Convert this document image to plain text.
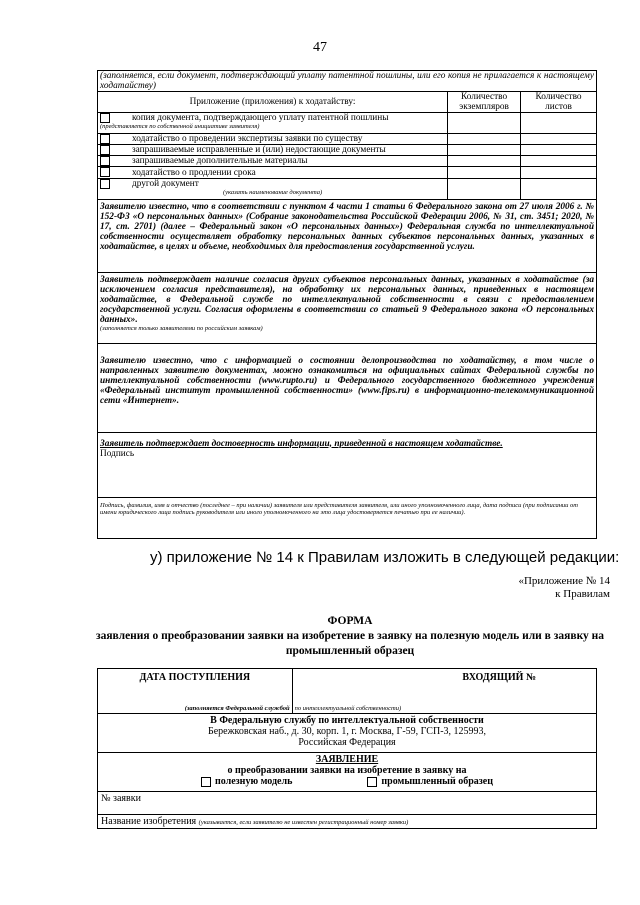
47
(заполняется, если документ, подтверждающий уплату патентной пошлины, или его копия не прилагается к настоящему ходатайству)		
Приложение (приложения) к ходатайству:	Количество экземпляров	Количество листов

копия документа, подтверждающего уплату патентной пошлины
(представляется по собственной инициативе заявителя)		

ходатайство о проведении экспертизы заявки по существу		
запрашиваемые исправленные и (или) недостающие документы		
запрашиваемые дополнительные материалы		
ходатайство о продлении срока		

другой документ
(указать наименование документа)		

Заявителю известно, что в соответствии с пунктом 4 части 1 статьи 6 Федерального закона от 27 июля 2006 г. № 152-ФЗ «О персональных данных» (Собрание законодательства Российской Федерации 2006, № 31, ст. 3451; 2020, № 17, ст. 2701) (далее – Федеральный закон «О персональных данных») Федеральная служба по интеллектуальной собственности осуществляет обработку персональных данных субъектов персональных данных, указанных в ходатайстве, в целях и объеме, необходимых для предоставления государственной услуги.		

Заявитель подтверждает наличие согласия других субъектов персональных данных, указанных в ходатайстве (за исключением согласия представителя), на обработку их персональных данных, приведенных в настоящем ходатайстве, в Федеральной службе по интеллектуальной собственности в связи с предоставлением государственной услуги. Согласия оформлены в соответствии со статьей 9 Федерального закона «О персональных данных».
(заполняется только заявителями по российским заявкам)		

Заявителю известно, что с информацией о состоянии делопроизводства по ходатайству, в том числе о направленных заявителю документах, можно ознакомиться на официальных сайтах Федеральной службы по интеллектуальной собственности (www.rupto.ru) и Федерального государственного бюджетного учреждения «Федеральный институт промышленной собственности» (www.fips.ru) в информационно-телекоммуникационной сети «Интернет».		

Заявитель подтверждает достоверность информации, приведенной в настоящем ходатайстве.
Подпись		

Подпись, фамилия, имя и отчество (последнее – при наличии) заявителя или представителя заявителя, или иного уполномоченного лица, дата подписи (при подписании от имени юридического лица подпись руководителя или иного уполномоченного на это лица удостоверяется печатью при ее наличии).		
у) приложение № 14 к Правилам изложить в следующей редакции:
«Приложение № 14
к Правилам
ФОРМА
заявления о преобразовании заявки на изобретение в заявку на полезную модель или в заявку на промышленный образец
ДАТА ПОСТУПЛЕНИЯ
(заполняется Федеральной службой
	ВХОДЯЩИЙ №
по интеллектуальной собственности)

В Федеральную службу по интеллектуальной собственности
Бережковская наб., д. 30, корп. 1, г. Москва, Г-59, ГСП-3, 125993,
Российская Федерация

ЗАЯВЛЕНИЕ
о преобразовании заявки на изобретение в заявку на
полезную модель	промышленный образец

№ заявки
Название изобретения (указывается, если заявителю не известен регистрационный номер заявки)
